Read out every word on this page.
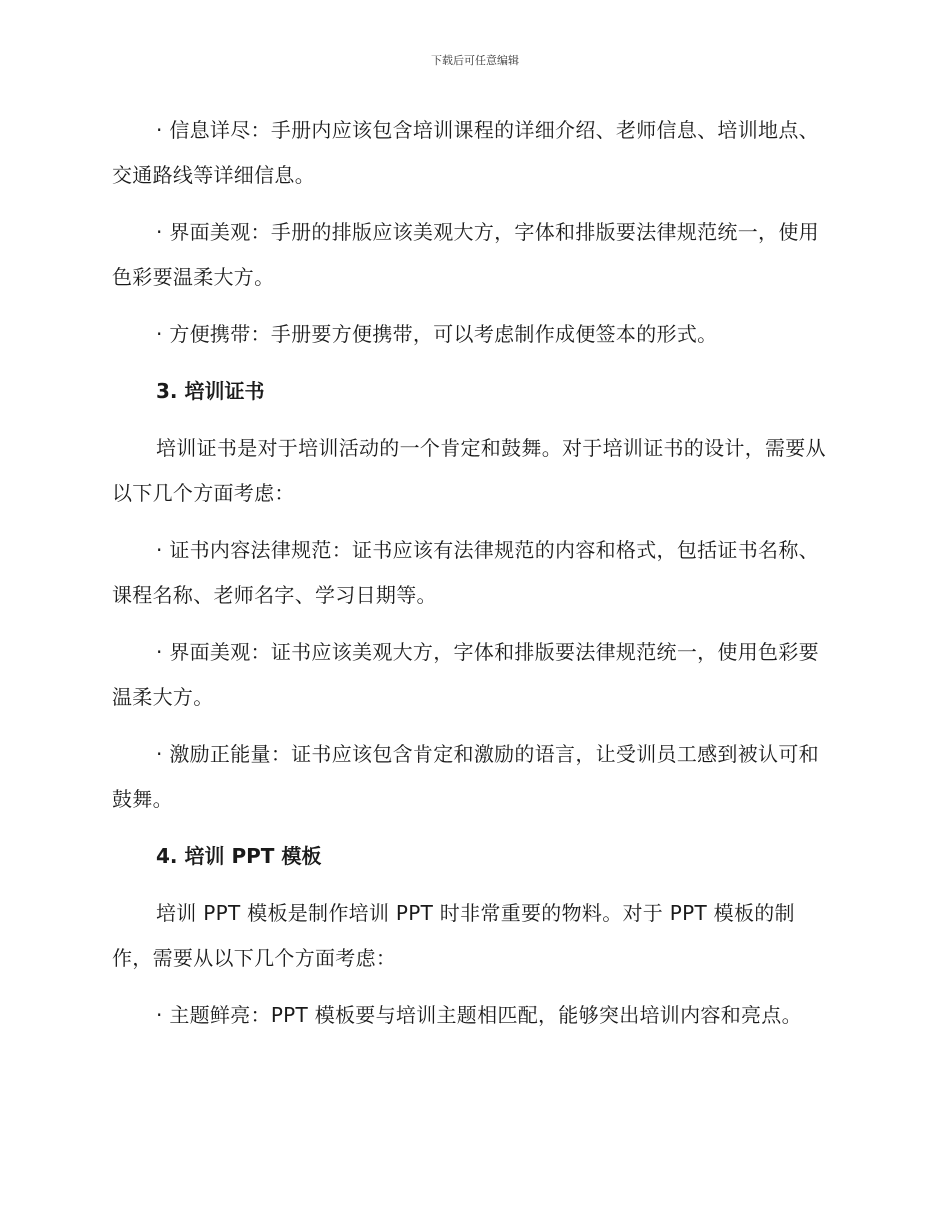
下载后可任意编辑

· 信息详尽：手册内应该包含培训课程的详细介绍、老师信息、培训地点、交通路线等详细信息。

· 界面美观：手册的排版应该美观大方，字体和排版要法律规范统一，使用色彩要温柔大方。

· 方便携带：手册要方便携带，可以考虑制作成便签本的形式。

3. 培训证书

培训证书是对于培训活动的一个肯定和鼓舞。对于培训证书的设计，需要从以下几个方面考虑：

· 证书内容法律规范：证书应该有法律规范的内容和格式，包括证书名称、课程名称、老师名字、学习日期等。

· 界面美观：证书应该美观大方，字体和排版要法律规范统一，使用色彩要温柔大方。

· 激励正能量：证书应该包含肯定和激励的语言，让受训员工感到被认可和鼓舞。

4. 培训 PPT 模板

培训 PPT 模板是制作培训 PPT 时非常重要的物料。对于 PPT 模板的制作，需要从以下几个方面考虑：

· 主题鲜亮：PPT 模板要与培训主题相匹配，能够突出培训内容和亮点。
